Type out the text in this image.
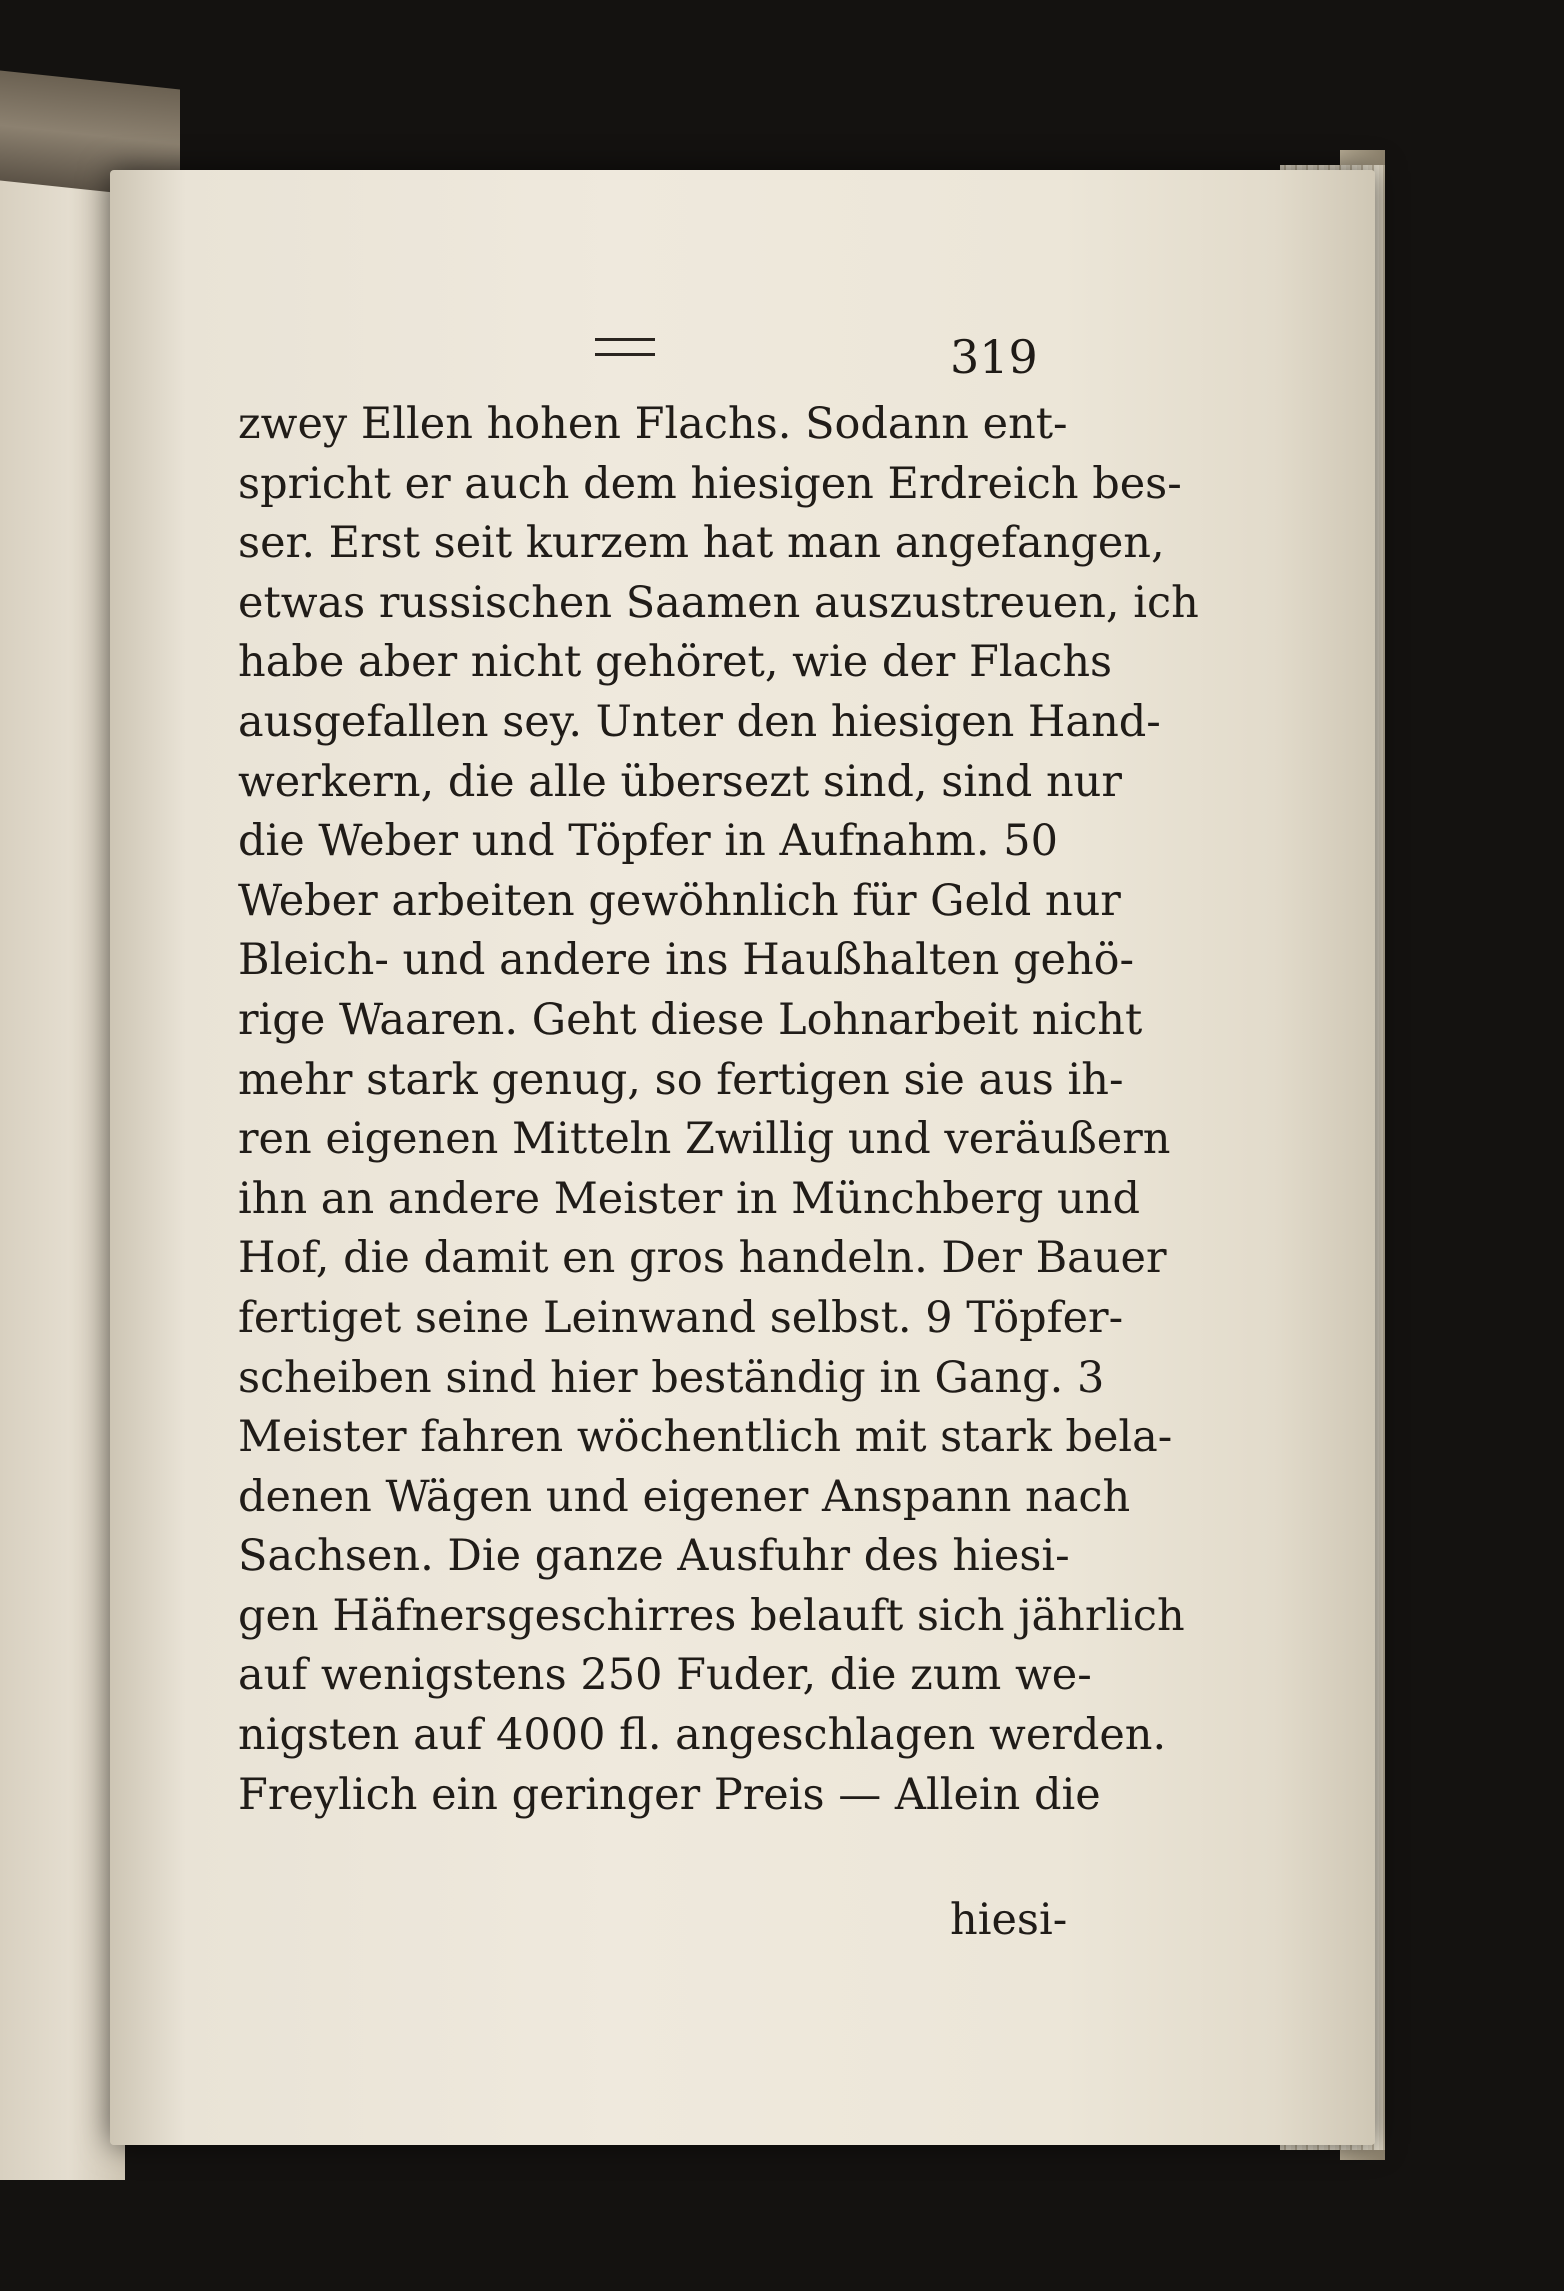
319
zwey Ellen hohen Flachs. Sodann ent-
spricht er auch dem hiesigen Erdreich bes-
ser. Erst seit kurzem hat man angefangen,
etwas russischen Saamen auszustreuen, ich
habe aber nicht gehöret, wie der Flachs
ausgefallen sey. Unter den hiesigen Hand-
werkern, die alle übersezt sind, sind nur
die Weber und Töpfer in Aufnahm. 50
Weber arbeiten gewöhnlich für Geld nur
Bleich- und andere ins Haußhalten gehö-
rige Waaren. Geht diese Lohnarbeit nicht
mehr stark genug, so fertigen sie aus ih-
ren eigenen Mitteln Zwillig und veräußern
ihn an andere Meister in Münchberg und
Hof, die damit en gros handeln. Der Bauer
fertiget seine Leinwand selbst. 9 Töpfer-
scheiben sind hier beständig in Gang. 3
Meister fahren wöchentlich mit stark bela-
denen Wägen und eigener Anspann nach
Sachsen. Die ganze Ausfuhr des hiesi-
gen Häfnersgeschirres belauft sich jährlich
auf wenigstens 250 Fuder, die zum we-
nigsten auf 4000 fl. angeschlagen werden.
Freylich ein geringer Preis — Allein die
hiesi-
